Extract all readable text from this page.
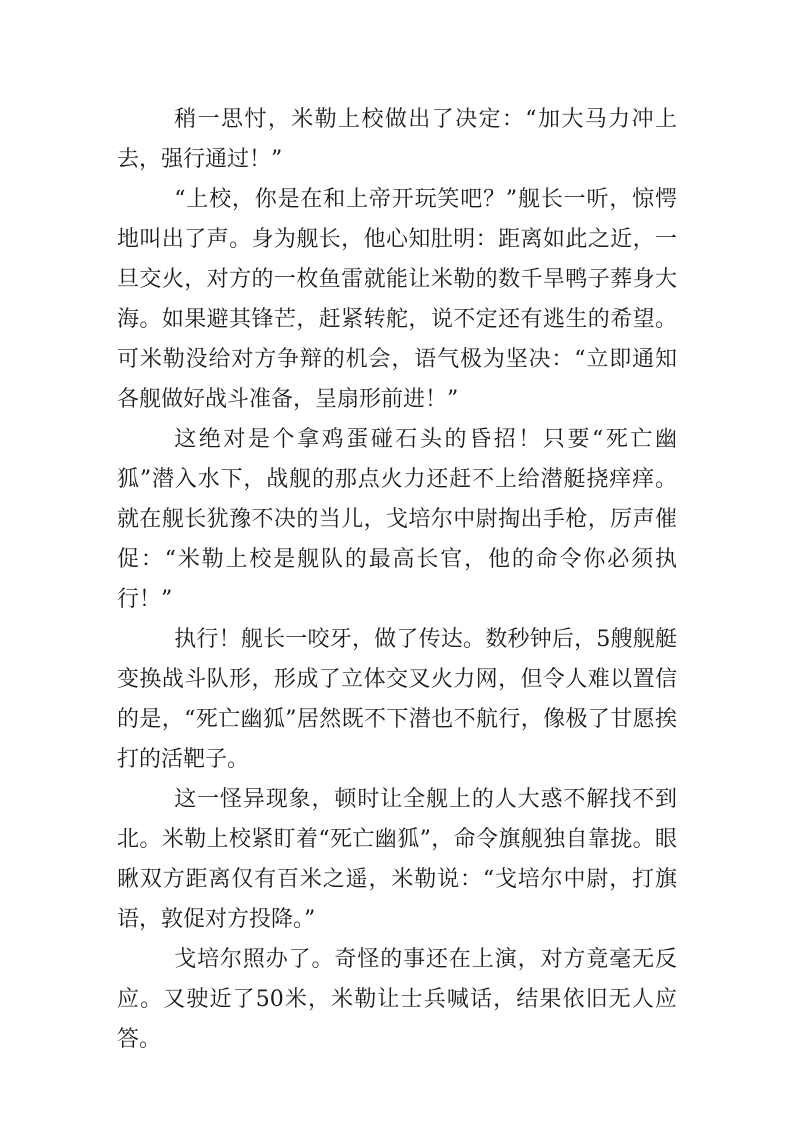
稍一思忖，米勒上校做出了决定：“加大马力冲上去，强行通过！”

“上校，你是在和上帝开玩笑吧？”舰长一听，惊愕地叫出了声。身为舰长，他心知肚明：距离如此之近，一旦交火，对方的一枚鱼雷就能让米勒的数千旱鸭子葬身大海。如果避其锋芒，赶紧转舵，说不定还有逃生的希望。可米勒没给对方争辩的机会，语气极为坚决：“立即通知各舰做好战斗准备，呈扇形前进！”

这绝对是个拿鸡蛋碰石头的昏招！只要“死亡幽狐”潜入水下，战舰的那点火力还赶不上给潜艇挠痒痒。就在舰长犹豫不决的当儿，戈培尔中尉掏出手枪，厉声催促：“米勒上校是舰队的最高长官，他的命令你必须执行！”

执行！舰长一咬牙，做了传达。数秒钟后，5艘舰艇变换战斗队形，形成了立体交叉火力网，但令人难以置信的是，“死亡幽狐”居然既不下潜也不航行，像极了甘愿挨打的活靶子。

这一怪异现象，顿时让全舰上的人大惑不解找不到北。米勒上校紧盯着“死亡幽狐”，命令旗舰独自靠拢。眼瞅双方距离仅有百米之遥，米勒说：“戈培尔中尉，打旗语，敦促对方投降。”

戈培尔照办了。奇怪的事还在上演，对方竟毫无反应。又驶近了50米，米勒让士兵喊话，结果依旧无人应答。
